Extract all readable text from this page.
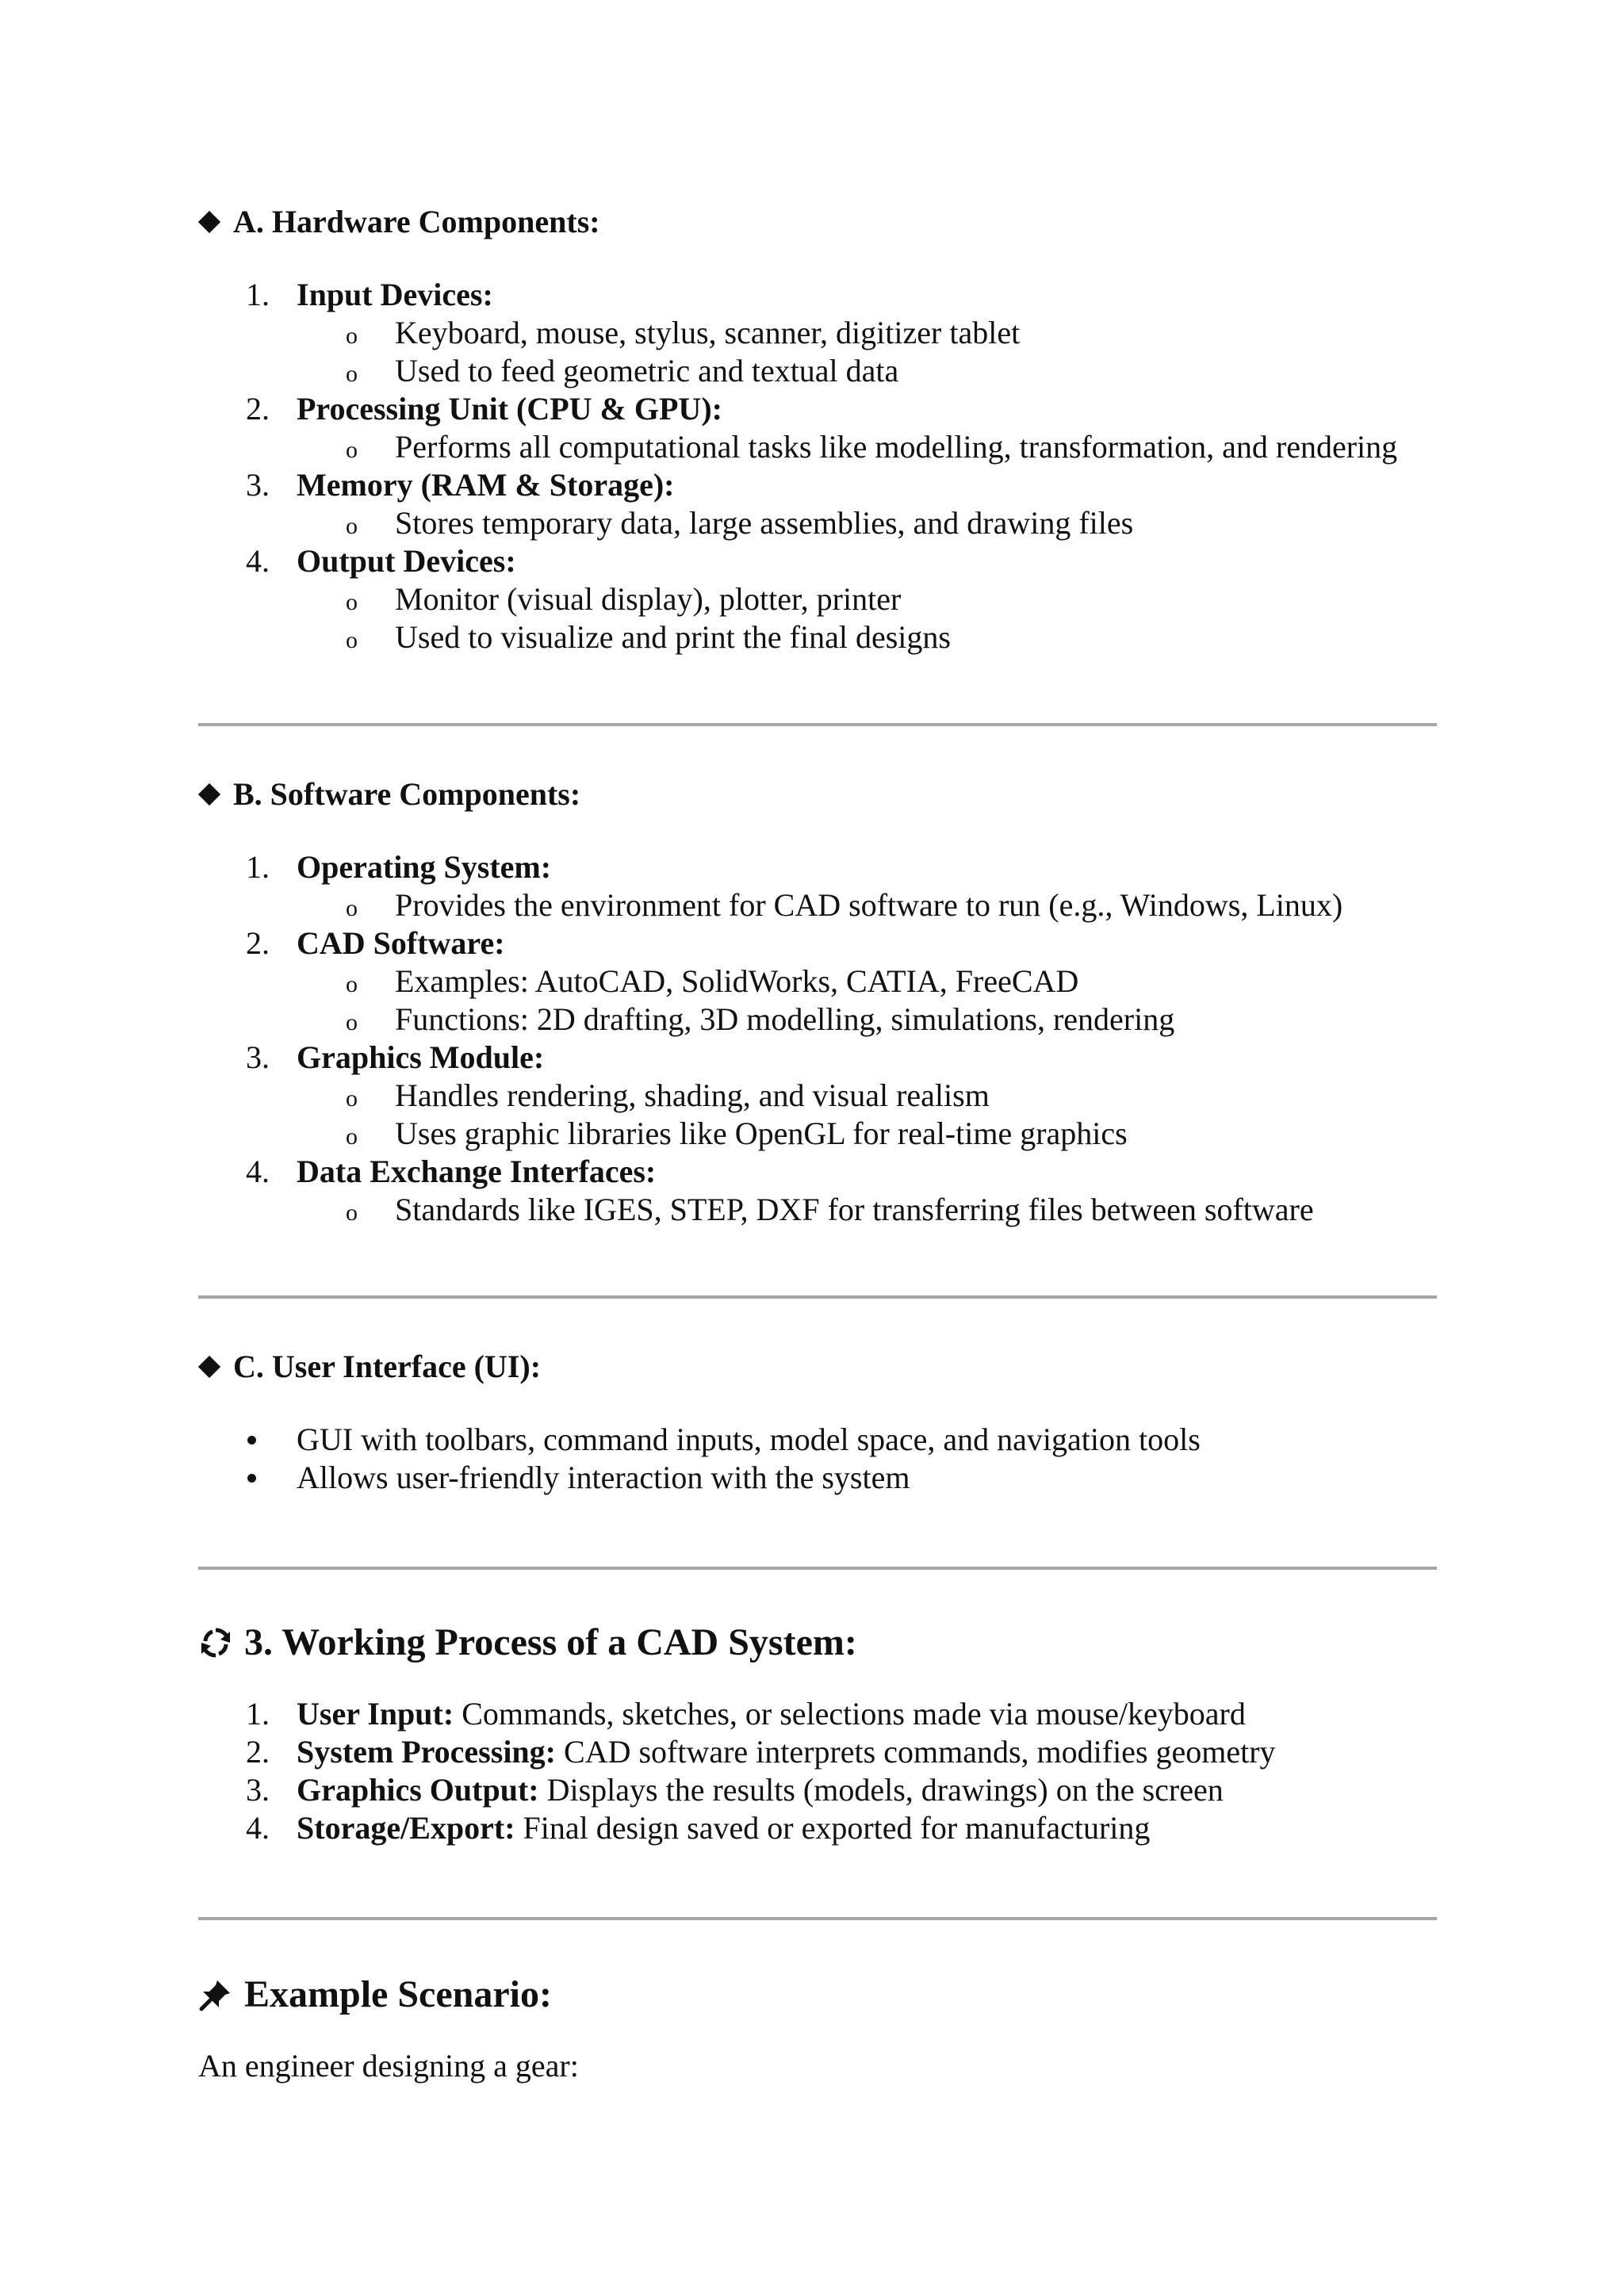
A. Hardware Components:
1. Input Devices:
o Keyboard, mouse, stylus, scanner, digitizer tablet
o Used to feed geometric and textual data
2. Processing Unit (CPU & GPU):
o Performs all computational tasks like modelling, transformation, and rendering
3. Memory (RAM & Storage):
o Stores temporary data, large assemblies, and drawing files
4. Output Devices:
o Monitor (visual display), plotter, printer
o Used to visualize and print the final designs
B. Software Components:
1. Operating System:
o Provides the environment for CAD software to run (e.g., Windows, Linux)
2. CAD Software:
o Examples: AutoCAD, SolidWorks, CATIA, FreeCAD
o Functions: 2D drafting, 3D modelling, simulations, rendering
3. Graphics Module:
o Handles rendering, shading, and visual realism
o Uses graphic libraries like OpenGL for real-time graphics
4. Data Exchange Interfaces:
o Standards like IGES, STEP, DXF for transferring files between software
C. User Interface (UI):
GUI with toolbars, command inputs, model space, and navigation tools
Allows user-friendly interaction with the system
3. Working Process of a CAD System:
1. User Input: Commands, sketches, or selections made via mouse/keyboard
2. System Processing: CAD software interprets commands, modifies geometry
3. Graphics Output: Displays the results (models, drawings) on the screen
4. Storage/Export: Final design saved or exported for manufacturing
Example Scenario:
An engineer designing a gear:
